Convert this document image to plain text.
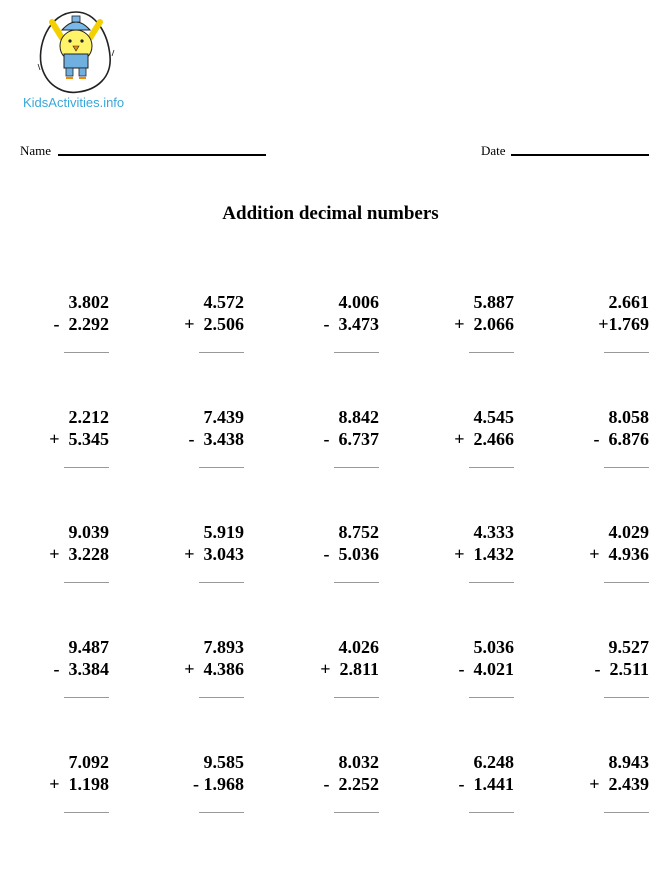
KidsActivities.info
Name	Date
Addition decimal numbers
3.802
-  2.292
4.572
+  2.506
4.006
-  3.473
5.887
+  2.066
2.661
+1.769
2.212
+  5.345
7.439
-  3.438
8.842
-  6.737
4.545
+  2.466
8.058
-  6.876
9.039
+  3.228
5.919
+  3.043
8.752
-  5.036
4.333
+  1.432
4.029
+  4.936
9.487
-  3.384
7.893
+  4.386
4.026
+  2.811
5.036
-  4.021
9.527
-  2.511
7.092
+  1.198
9.585
- 1.968
8.032
-  2.252
6.248
-  1.441
8.943
+  2.439
